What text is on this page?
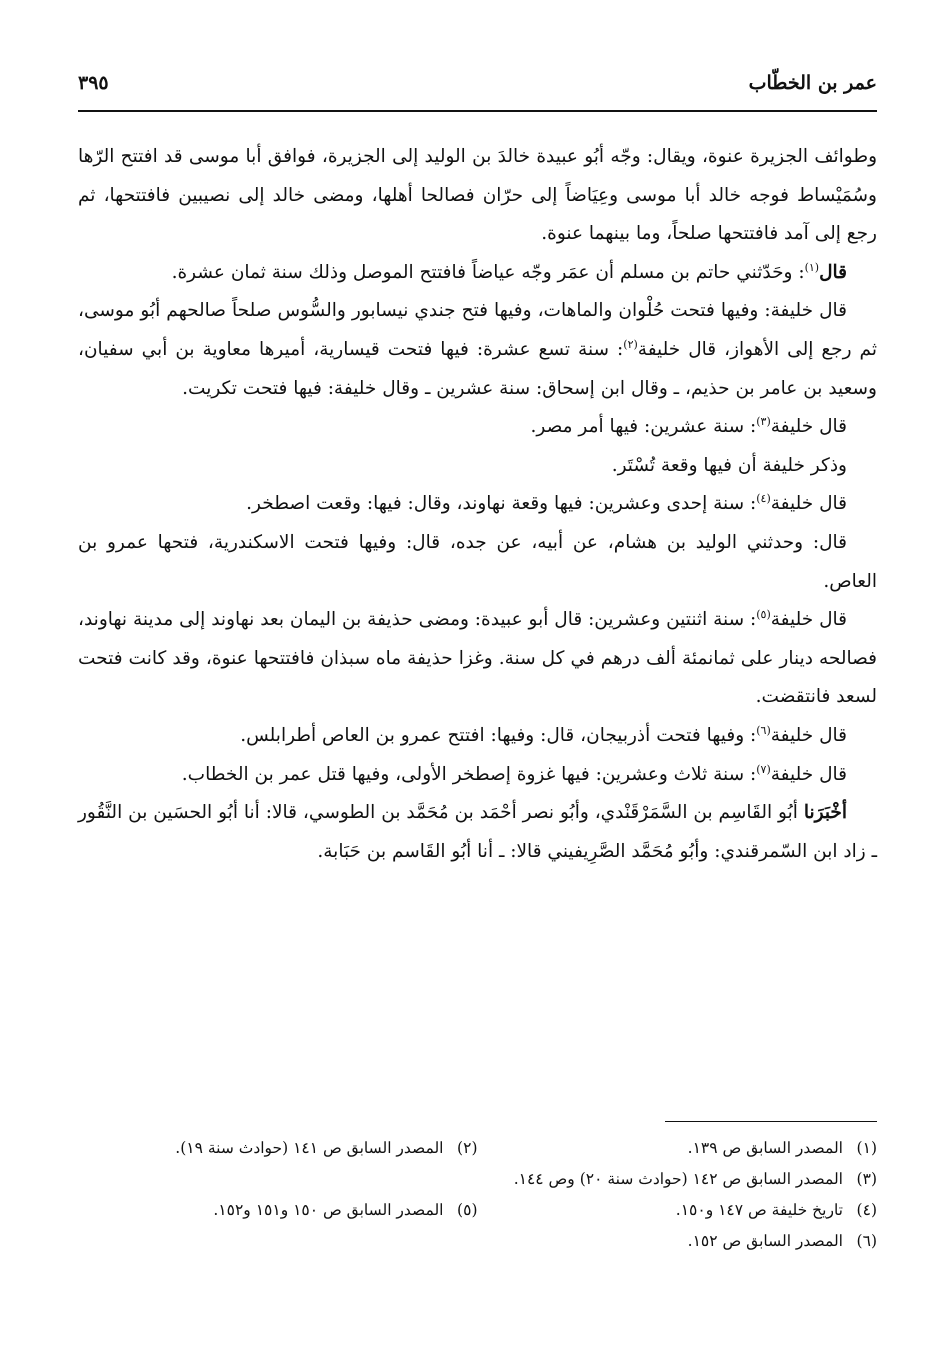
عمر بن الخطّاب
٣٩٥

وطوائف الجزيرة عنوة، ويقال: وجّه أبُو عبيدة خالدَ بن الوليد إلى الجزيرة، فوافق أبا موسى قد افتتح الرّها وسُمَيْساط فوجه خالد أبا موسى وعِيَاضاً إلى حرّان فصالحا أهلها، ومضى خالد إلى نصيبين فافتتحها، ثم رجع إلى آمد فافتتحها صلحاً، وما بينهما عنوة.

قال$^{(١)}$: وحَدّثني حاتم بن مسلم أن عمَر وجّه عياضاً فافتتح الموصل وذلك سنة ثمان عشرة.

قال خليفة: وفيها فتحت حُلْوان والماهات، وفيها فتح جندي نيسابور والسُّوس صلحاً صالحهم أبُو موسى، ثم رجع إلى الأهواز، قال خليفة$^{(٢)}$: سنة تسع عشرة: فيها فتحت قيسارية، أميرها معاوية بن أبي سفيان، وسعيد بن عامر بن حذيم، ـ وقال ابن إسحاق: سنة عشرين ـ وقال خليفة: فيها فتحت تكريت.

قال خليفة$^{(٣)}$: سنة عشرين: فيها أمر مصر.

وذكر خليفة أن فيها وقعة تُسْتَر.

قال خليفة$^{(٤)}$: سنة إحدى وعشرين: فيها وقعة نهاوند، وقال: فيها: وقعت اصطخر.

قال: وحدثني الوليد بن هشام، عن أبيه، عن جده، قال: وفيها فتحت الاسكندرية، فتحها عمرو بن العاص.

قال خليفة$^{(٥)}$: سنة اثنتين وعشرين: قال أبو عبيدة: ومضى حذيفة بن اليمان بعد نهاوند إلى مدينة نهاوند، فصالحه دينار على ثمانمئة ألف درهم في كل سنة. وغزا حذيفة ماه سبذان فافتتحها عنوة، وقد كانت فتحت لسعد فانتقضت.

قال خليفة$^{(٦)}$: وفيها فتحت أذربيجان، قال: وفيها: افتتح عمرو بن العاص أطرابلس.

قال خليفة$^{(٧)}$: سنة ثلاث وعشرين: فيها غزوة إصطخر الأولى، وفيها قتل عمر بن الخطاب.

أخْبَرَنا أبُو القَاسِم بن السَّمَرْقَنْدي، وأبُو نصر أحْمَد بن مُحَمَّد بن الطوسي، قالا: أنا أبُو الحسَين بن النَّقُور ـ زاد ابن السّمرقندي: وأبُو مُحَمَّد الصَّرِيفيني قالا: ـ أنا أبُو القَاسم بن حَبَابة.

(١)المصدر السابق ص ١٣٩.
(٢)المصدر السابق ص ١٤١ (حوادث سنة ١٩).
(٣)المصدر السابق ص ١٤٢ (حوادث سنة ٢٠) وص ١٤٤.
(٤)تاريخ خليفة ص ١٤٧ و١٥٠.
(٥)المصدر السابق ص ١٥٠ و١٥١ و١٥٢.
(٦)المصدر السابق ص ١٥٢.
